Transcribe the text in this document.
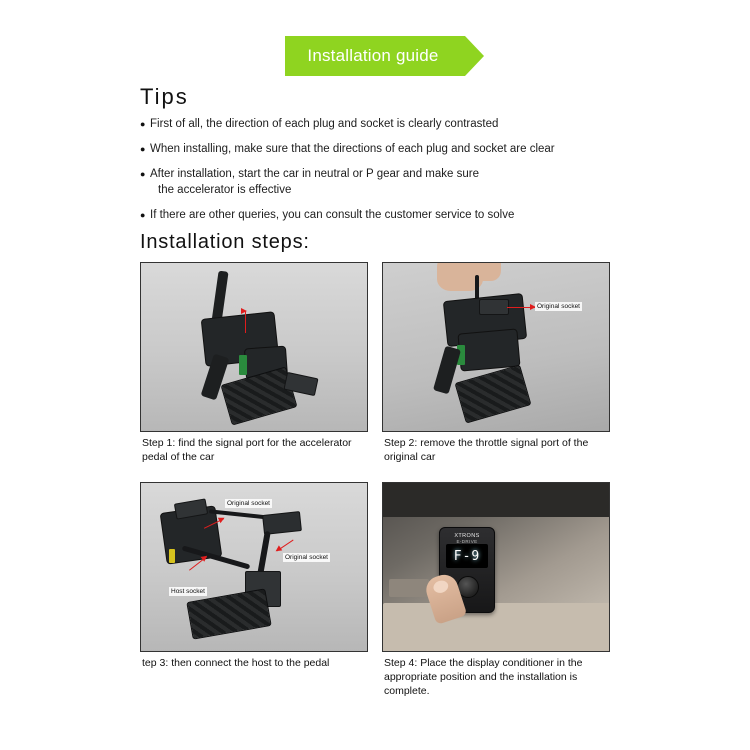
Installation guide
Tips
● First of all, the direction of each plug and socket is clearly contrasted
● When installing, make sure that the directions of each plug and socket are clear
● After installation, start the car in neutral or P gear and make sure
the accelerator is effective
● If there are other queries, you can consult the customer service to solve
Installation steps:
Step 1: find the signal port for the accelerator pedal of the car
Original socket
Step 2: remove the throttle signal port of the original car
Original socket
Original socket
Host socket
tep 3: then connect the host to the pedal
XTRONS
E-DRIVE
F-9
Step 4: Place the display conditioner in the appropriate position and the installation is complete.
